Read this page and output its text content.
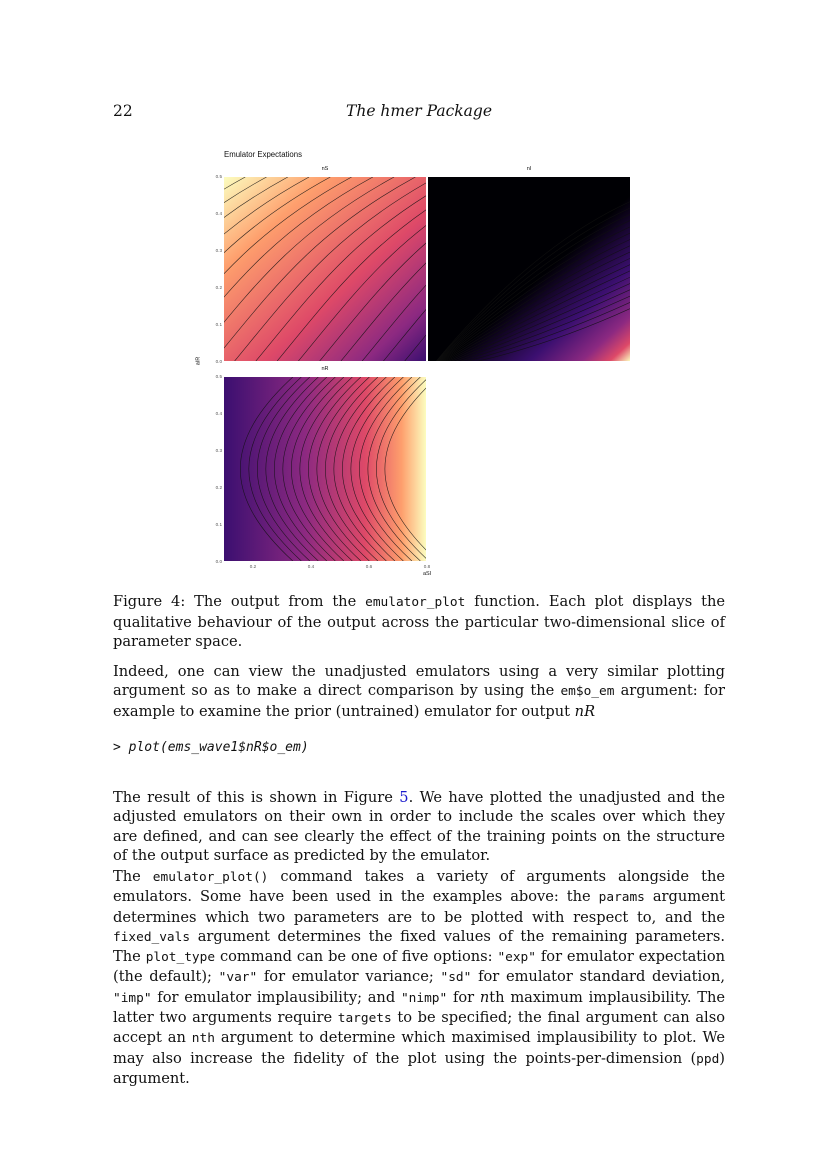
22	The hmer Package
Emulator Expectations
nS	nI
nR
0.5
0.4
0.3
0.2
0.1
0.0
0.5
0.4
0.3
0.2
0.1
0.0
aIR
0.2	0.4	0.6	0.8
aSI
Figure 4: The output from the emulator_plot function. Each plot displays the qualitative behaviour of the output across the particular two-dimensional slice of parameter space.
Indeed, one can view the unadjusted emulators using a very similar plotting argument so as to make a direct comparison by using the em$o_em argument: for example to examine the prior (untrained) emulator for output nR
> plot(ems_wave1$nR$o_em)
The result of this is shown in Figure 5. We have plotted the unadjusted and the adjusted emulators on their own in order to include the scales over which they are defined, and can see clearly the effect of the training points on the structure of the output surface as predicted by the emulator.
The emulator_plot() command takes a variety of arguments alongside the emulators. Some have been used in the examples above: the params argument determines which two parameters are to be plotted with respect to, and the fixed_vals argument determines the fixed values of the remaining parameters. The plot_type command can be one of five options: "exp" for emulator expectation (the default); "var" for emulator variance; "sd" for emulator standard deviation, "imp" for emulator implausibility; and "nimp" for nth maximum implausibility. The latter two arguments require targets to be specified; the final argument can also accept an nth argument to determine which maximised implausibility to plot. We may also increase the fidelity of the plot using the points-per-dimension (ppd) argument.
